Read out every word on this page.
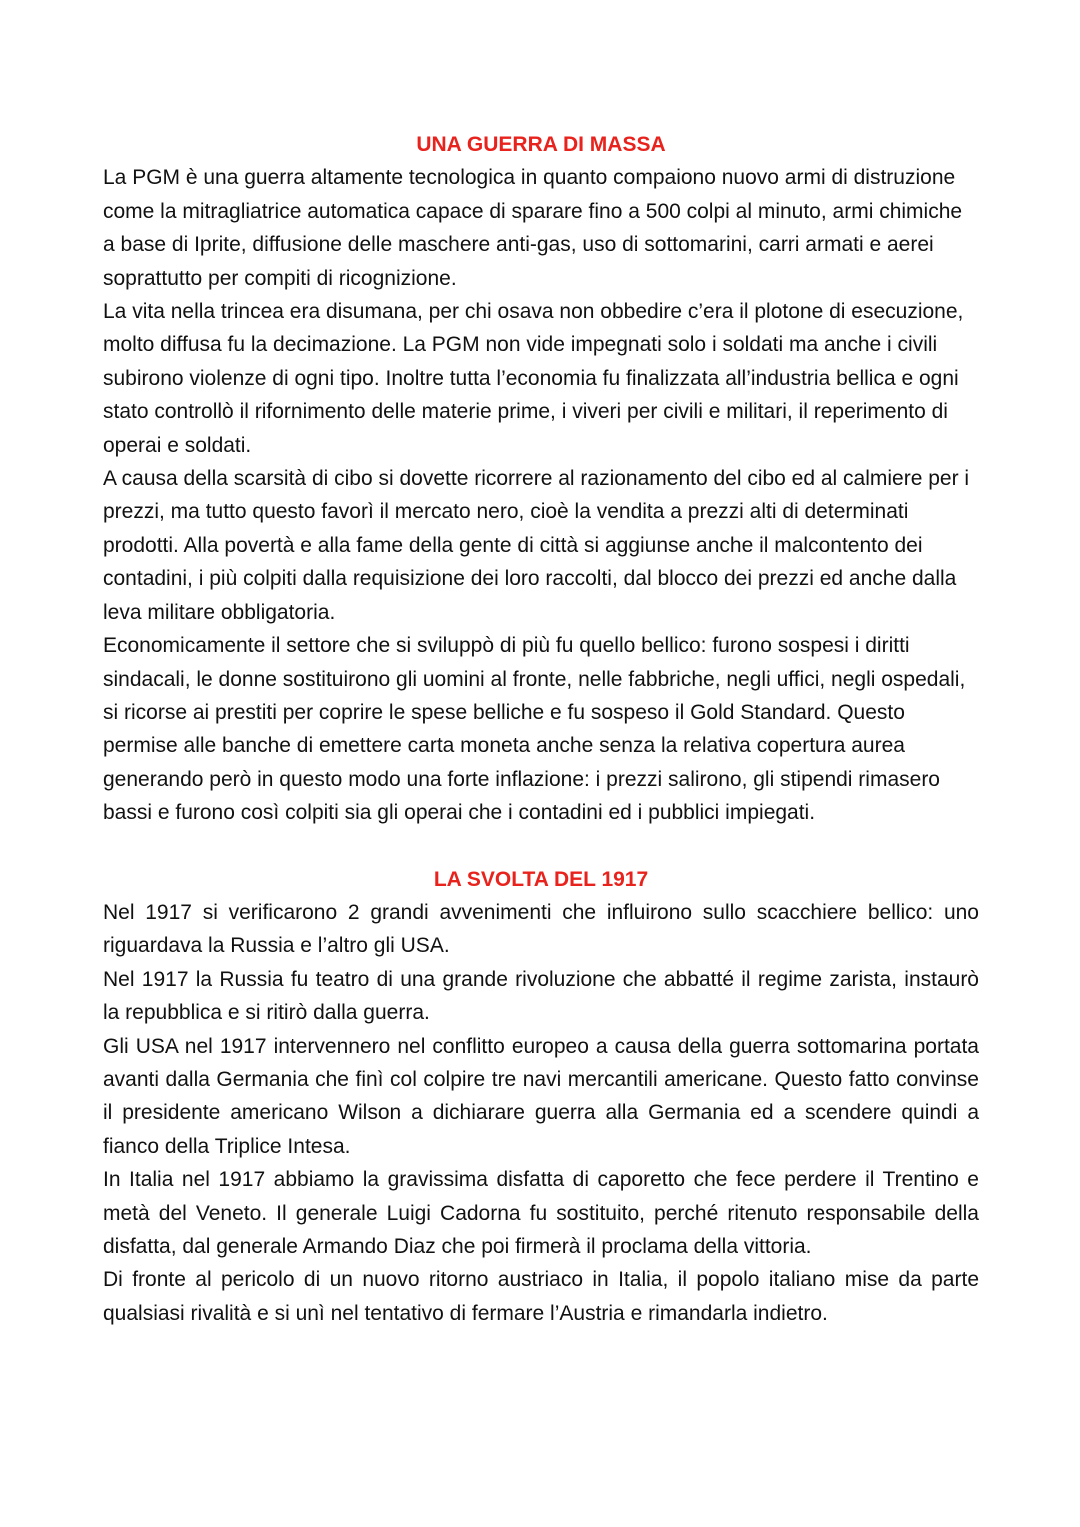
UNA GUERRA DI MASSA

La PGM è una guerra altamente tecnologica in quanto compaiono nuovo armi di distruzione come la mitragliatrice automatica capace di sparare fino a 500 colpi al minuto, armi chimiche a base di Iprite, diffusione delle maschere anti-gas, uso di sottomarini, carri armati e aerei soprattutto per compiti di ricognizione.

La vita nella trincea era disumana, per chi osava non obbedire c’era il plotone di esecuzione, molto diffusa fu la decimazione. La PGM non vide impegnati solo i soldati ma anche i civili subirono violenze di ogni tipo. Inoltre tutta l’economia fu finalizzata all’industria bellica e ogni stato controllò il rifornimento delle materie prime, i viveri per civili e militari, il reperimento di operai e soldati.

A causa della scarsità di cibo si dovette ricorrere al razionamento del cibo ed al calmiere per i prezzi, ma tutto questo favorì il mercato nero, cioè la vendita a prezzi alti di determinati prodotti. Alla povertà e alla fame della gente di città si aggiunse anche il malcontento dei contadini, i più colpiti dalla requisizione dei loro raccolti, dal blocco dei prezzi ed anche dalla leva militare obbligatoria.

Economicamente il settore che si sviluppò di più fu quello bellico: furono sospesi i diritti sindacali, le donne sostituirono gli uomini al fronte, nelle fabbriche, negli uffici, negli ospedali, si ricorse ai prestiti per coprire le spese belliche e fu sospeso il Gold Standard. Questo permise alle banche di emettere carta moneta anche senza la relativa copertura aurea generando però in questo modo una forte inflazione: i prezzi salirono, gli stipendi rimasero bassi e furono così colpiti sia gli operai che i contadini ed i pubblici impiegati.

LA SVOLTA DEL 1917

Nel 1917 si verificarono 2 grandi avvenimenti che influirono sullo scacchiere bellico: uno riguardava la Russia e l’altro gli USA.

Nel 1917 la Russia fu teatro di una grande rivoluzione che abbatté il regime zarista, instaurò la repubblica e si ritirò dalla guerra.

Gli USA nel 1917 intervennero nel conflitto europeo a causa della guerra sottomarina portata avanti dalla Germania che finì col colpire tre navi mercantili americane. Questo fatto convinse il presidente americano Wilson a dichiarare guerra alla Germania ed a scendere quindi a fianco della Triplice Intesa.

In Italia nel 1917 abbiamo la gravissima disfatta di caporetto che fece perdere il Trentino e metà del Veneto. Il generale Luigi Cadorna fu sostituito, perché ritenuto responsabile della disfatta, dal generale Armando Diaz che poi firmerà il proclama della vittoria.

Di fronte al pericolo di un nuovo ritorno austriaco in Italia, il popolo italiano mise da parte qualsiasi rivalità e si unì nel tentativo di fermare l’Austria e rimandarla indietro.
